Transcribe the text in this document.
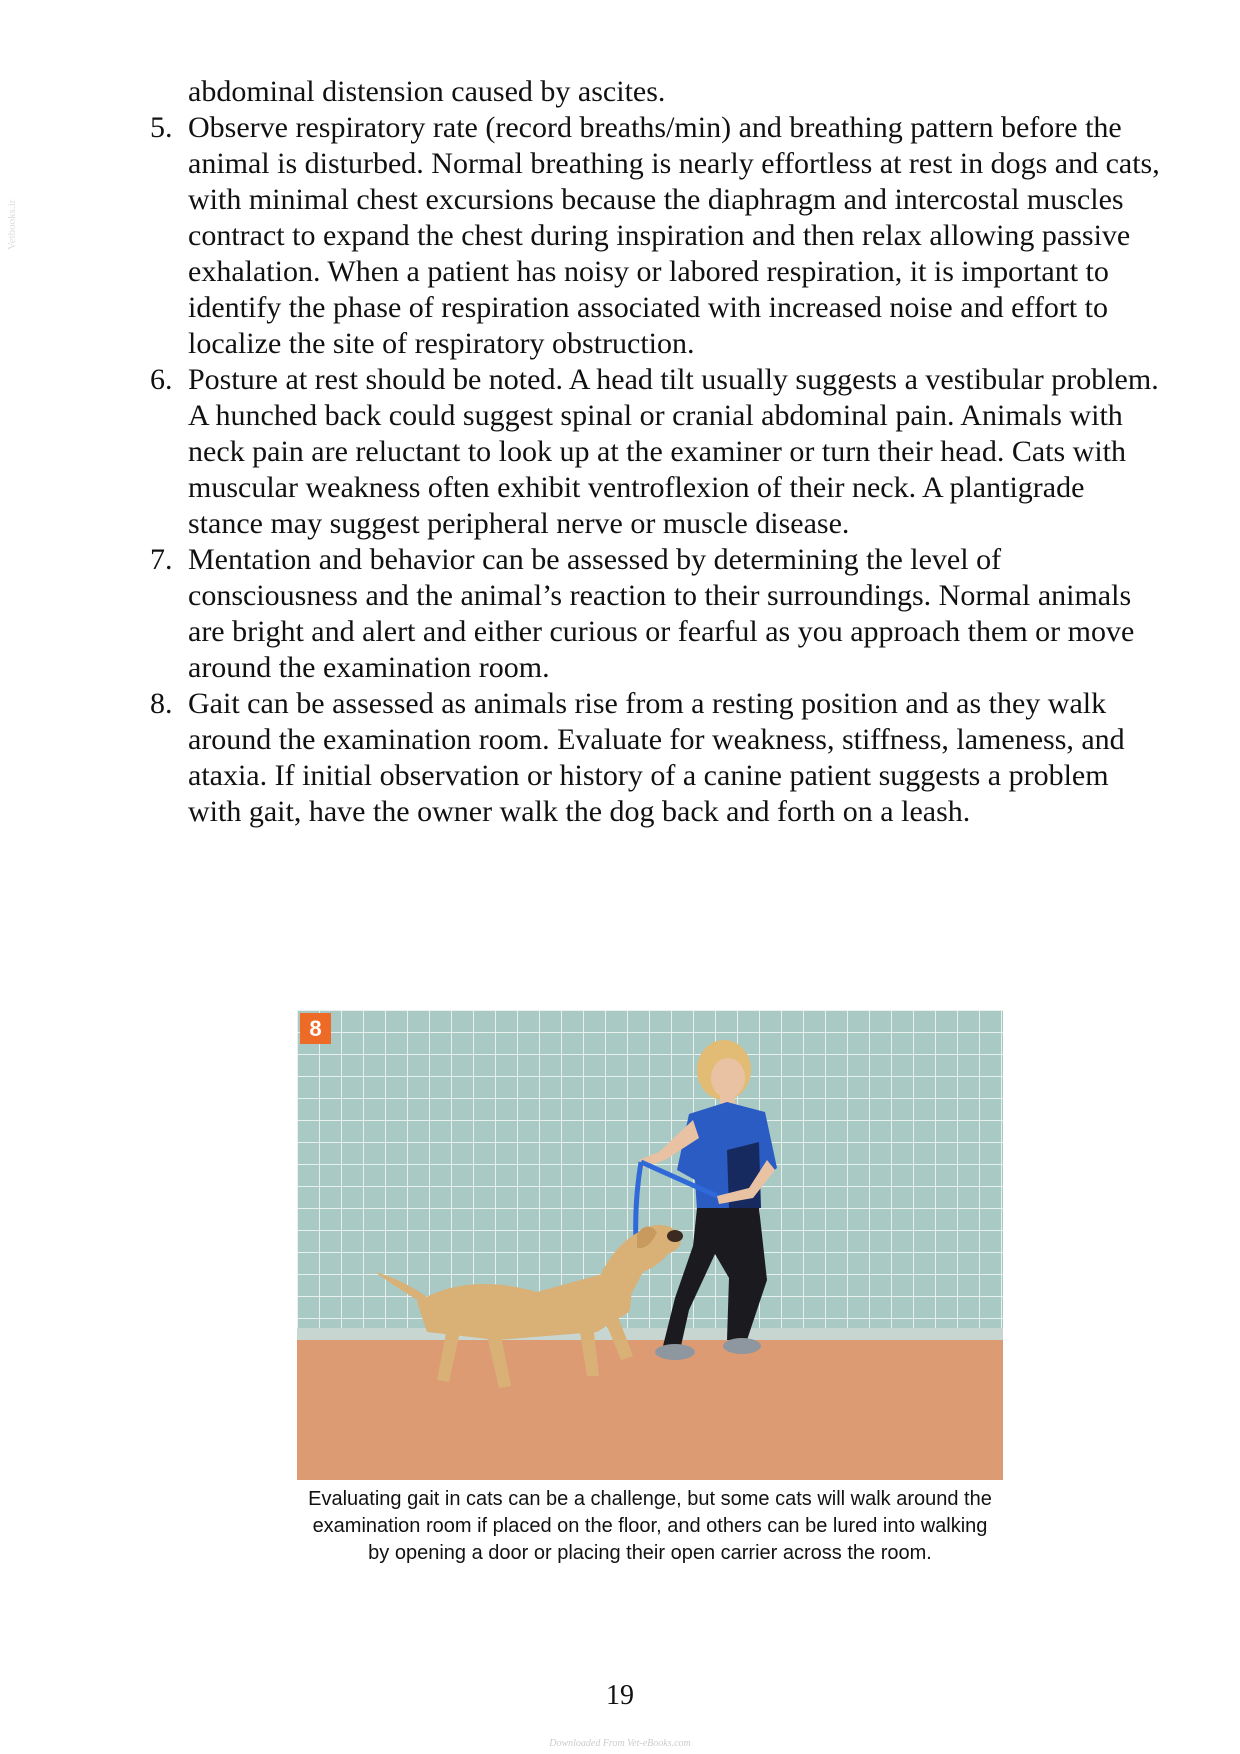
Vetbooks.ir
abdominal distension caused by ascites.
5. Observe respiratory rate (record breaths/min) and breathing pattern before the animal is disturbed. Normal breathing is nearly effortless at rest in dogs and cats, with minimal chest excursions because the diaphragm and intercostal muscles contract to expand the chest during inspiration and then relax allowing passive exhalation. When a patient has noisy or labored respiration, it is important to identify the phase of respiration associated with increased noise and effort to localize the site of respiratory obstruction.
6. Posture at rest should be noted. A head tilt usually suggests a vestibular problem. A hunched back could suggest spinal or cranial abdominal pain. Animals with neck pain are reluctant to look up at the examiner or turn their head. Cats with muscular weakness often exhibit ventroflexion of their neck. A plantigrade stance may suggest peripheral nerve or muscle disease.
7. Mentation and behavior can be assessed by determining the level of consciousness and the animal’s reaction to their surroundings. Normal animals are bright and alert and either curious or fearful as you approach them or move around the examination room.
8. Gait can be assessed as animals rise from a resting position and as they walk around the examination room. Evaluate for weakness, stiffness, lameness, and ataxia. If initial observation or history of a canine patient suggests a problem with gait, have the owner walk the dog back and forth on a leash.
8
Evaluating gait in cats can be a challenge, but some cats will walk around the examination room if placed on the floor, and others can be lured into walking by opening a door or placing their open carrier across the room.
19
Downloaded From Vet-eBooks.com
